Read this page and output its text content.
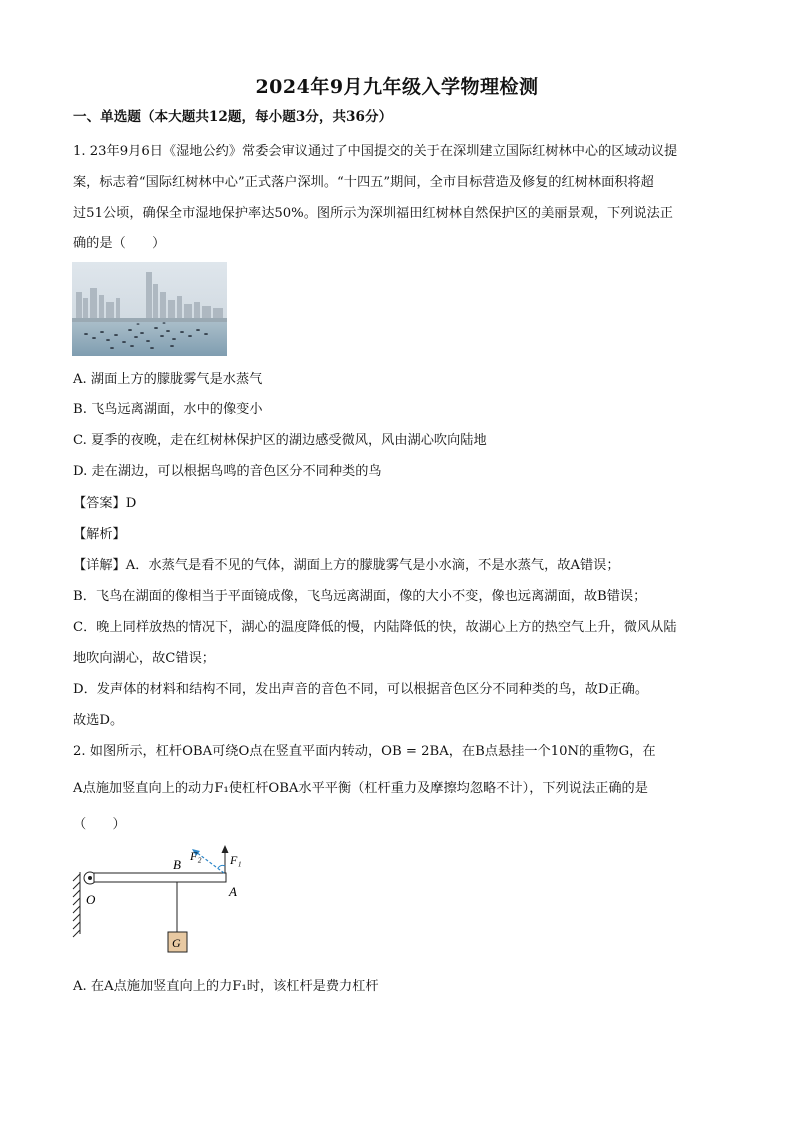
2024年9月九年级入学物理检测
一、单选题（本大题共12题，每小题3分，共36分）
1. 23年9月6日《湿地公约》常委会审议通过了中国提交的关于在深圳建立国际红树林中心的区域动议提
案，标志着“国际红树林中心”正式落户深圳。“十四五”期间，全市目标营造及修复的红树林面积将超
过51公顷，确保全市湿地保护率达50%。图所示为深圳福田红树林自然保护区的美丽景观，下列说法正
确的是（　　）
A. 湖面上方的朦胧雾气是水蒸气
B. 飞鸟远离湖面，水中的像变小
C. 夏季的夜晚，走在红树林保护区的湖边感受微风，风由湖心吹向陆地
D. 走在湖边，可以根据鸟鸣的音色区分不同种类的鸟
【答案】D
【解析】
【详解】A．水蒸气是看不见的气体，湖面上方的朦胧雾气是小水滴，不是水蒸气，故A错误；
B．飞鸟在湖面的像相当于平面镜成像，飞鸟远离湖面，像的大小不变，像也远离湖面，故B错误；
C．晚上同样放热的情况下，湖心的温度降低的慢，内陆降低的快，故湖心上方的热空气上升，微风从陆
地吹向湖心，故C错误；
D．发声体的材料和结构不同，发出声音的音色不同，可以根据音色区分不同种类的鸟，故D正确。
故选D。
2. 如图所示，杠杆OBA可绕O点在竖直平面内转动，OB = 2BA，在B点悬挂一个10N的重物G，在
A点施加竖直向上的动力F₁使杠杆OBA水平平衡（杠杆重力及摩擦均忽略不计），下列说法正确的是
（　　）
F₁
F₂
B
A
O
G
A. 在A点施加竖直向上的力F₁时，该杠杆是费力杠杆
